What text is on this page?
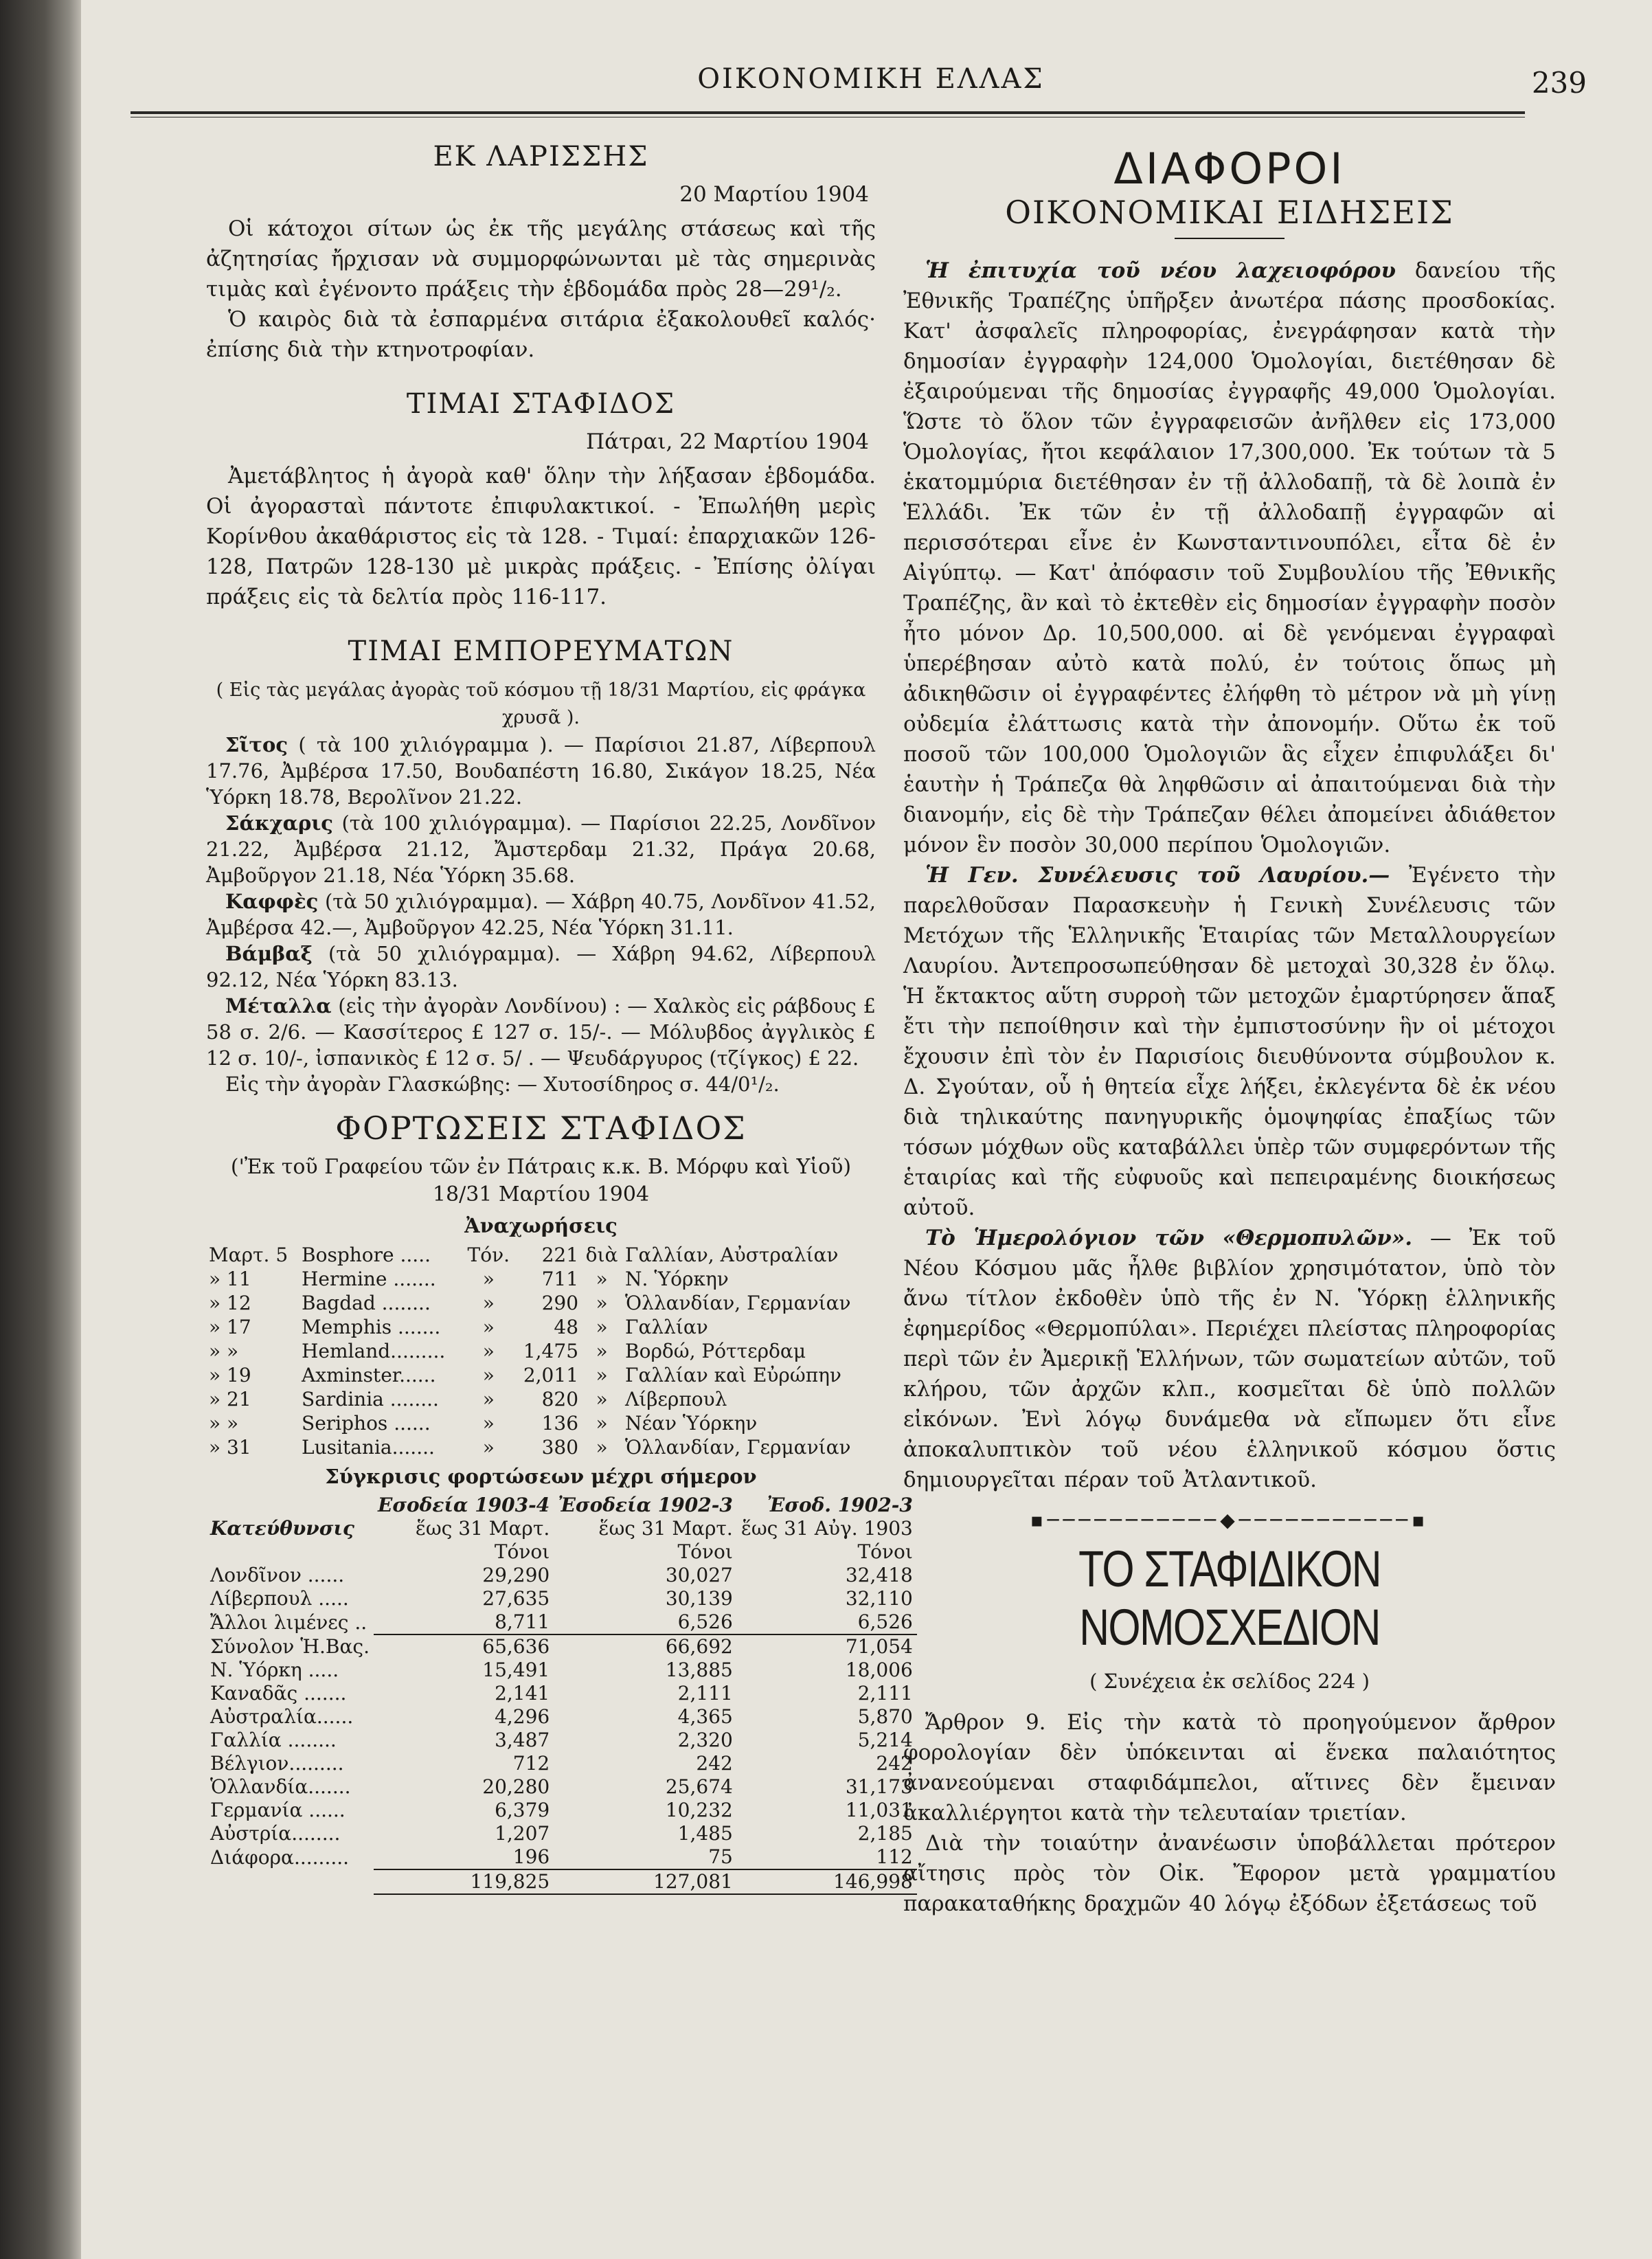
ΟΙΚΟΝΟΜΙΚΗ ΕΛΛΑΣ	239
ΕΚ ΛΑΡΙΣΣΗΣ
20 Μαρτίου 1904

Οἱ κάτοχοι σίτων ὡς ἐκ τῆς μεγάλης στάσεως καὶ τῆς ἀζητησίας ἤρχισαν νὰ συμμορφώνωνται μὲ τὰς σημερινὰς τιμὰς καὶ ἐγένοντο πράξεις τὴν ἑβδομάδα πρὸς 28—29¹/₂.

Ὁ καιρὸς διὰ τὰ ἐσπαρμένα σιτάρια ἐξακολουθεῖ καλός· ἐπίσης διὰ τὴν κτηνοτροφίαν.

ΤΙΜΑΙ ΣΤΑΦΙΔΟΣ
Πάτραι, 22 Μαρτίου 1904

Ἀμετάβλητος ἡ ἀγορὰ καθ' ὅλην τὴν λήξασαν ἑβδομάδα. Οἱ ἀγορασταὶ πάντοτε ἐπιφυλακτικοί. - Ἐπωλήθη μερὶς Κορίνθου ἀκαθάριστος εἰς τὰ 128. - Τιμαί: ἐπαρχιακῶν 126-128, Πατρῶν 128-130 μὲ μικρὰς πράξεις. - Ἐπίσης ὀλίγαι πράξεις εἰς τὰ δελτία πρὸς 116-117.

ΤΙΜΑΙ ΕΜΠΟΡΕΥΜΑΤΩΝ
( Εἰς τὰς μεγάλας ἀγορὰς τοῦ κόσμου τῇ 18/31 Μαρτίου, εἰς φράγκα χρυσᾶ ).

Σῖτος ( τὰ 100 χιλιόγραμμα ). — Παρίσιοι 21.87, Λίβερπουλ 17.76, Ἀμβέρσα 17.50, Βουδαπέστη 16.80, Σικάγον 18.25, Νέα Ὑόρκη 18.78, Βερολῖνον 21.22.

Σάκχαρις (τὰ 100 χιλιόγραμμα). — Παρίσιοι 22.25, Λονδῖνον 21.22, Ἀμβέρσα 21.12, Ἄμστερδαμ 21.32, Πράγα 20.68, Ἀμβοῦργον 21.18, Νέα Ὑόρκη 35.68.

Καφφὲς (τὰ 50 χιλιόγραμμα). — Χάβρη 40.75, Λονδῖνον 41.52, Ἀμβέρσα 42.—, Ἀμβοῦργον 42.25, Νέα Ὑόρκη 31.11.

Βάμβαξ (τὰ 50 χιλιόγραμμα). — Χάβρη 94.62, Λίβερπουλ 92.12, Νέα Ὑόρκη 83.13.

Μέταλλα (εἰς τὴν ἀγορὰν Λονδίνου) : — Χαλκὸς εἰς ράβδους £ 58 σ. 2/6. — Κασσίτερος £ 127 σ. 15/-. — Μόλυβδος ἀγγλικὸς £ 12 σ. 10/-, ἰσπανικὸς £ 12 σ. 5/ . — Ψευδάργυρος (τζίγκος) £ 22.

Εἰς τὴν ἀγορὰν Γλασκώβης: — Χυτοσίδηρος σ. 44/0¹/₂.

ΦΟΡΤΩΣΕΙΣ ΣΤΑΦΙΔΟΣ
('Ἐκ τοῦ Γραφείου τῶν ἐν Πάτραις κ.κ. Β. Μόρφυ καὶ Υἱοῦ)
18/31 Μαρτίου 1904
Ἀναχωρήσεις
Μαρτ. 5	Bosphore .....	Τόν.	221	διὰ	Γαλλίαν, Αὐστραλίαν
» 11	Hermine .......	»	711	»	Ν. Ὑόρκην
» 12	Bagdad ........	»	290	»	Ὁλλανδίαν, Γερμανίαν
» 17	Memphis .......	»	48	»	Γαλλίαν
» »	Hemland.........	»	1,475	»	Βορδώ, Ρόττερδαμ
» 19	Axminster......	»	2,011	»	Γαλλίαν καὶ Εὐρώπην
» 21	Sardinia ........	»	820	»	Λίβερπουλ
» »	Seriphos ......	»	136	»	Νέαν Ὑόρκην
» 31	Lusitania.......	»	380	»	Ὁλλανδίαν, Γερμανίαν
Σύγκρισις φορτώσεων μέχρι σήμερον
	Εσοδεία 1903-4	Ἐσοδεία 1902-3	Ἐσοδ. 1902-3
Κατεύθυνσις	ἕως 31 Μαρτ.	ἕως 31 Μαρτ.	ἕως 31 Αὐγ. 1903
	Τόνοι	Τόνοι	Τόνοι
Λονδῖνον ......	29,290	30,027	32,418
Λίβερπουλ .....	27,635	30,139	32,110
Ἄλλοι λιμένες ..	8,711	6,526	6,526
Σύνολον Ἡ.Βας.	65,636	66,692	71,054
Ν. Ὑόρκη .....	15,491	13,885	18,006
Καναδᾶς .......	2,141	2,111	2,111
Αὐστραλία......	4,296	4,365	5,870
Γαλλία ........	3,487	2,320	5,214
Βέλγιον.........	712	242	242
Ὁλλανδία.......	20,280	25,674	31,173
Γερμανία ......	6,379	10,232	11,031
Αὐστρία........	1,207	1,485	2,185
Διάφορα.........	196	75	112
	119,825	127,081	146,998
ΔΙΑΦΟΡΟΙ
ΟΙΚΟΝΟΜΙΚΑΙ ΕΙΔΗΣΕΙΣ

Ἡ ἐπιτυχία τοῦ νέου λαχειοφόρου δανείου τῆς Ἐθνικῆς Τραπέζης ὑπῆρξεν ἀνωτέρα πάσης προσδοκίας. Κατ' ἀσφαλεῖς πληροφορίας, ἐνεγράφησαν κατὰ τὴν δημοσίαν ἐγγραφὴν 124,000 Ὁμολογίαι, διετέθησαν δὲ ἐξαιρούμεναι τῆς δημοσίας ἐγγραφῆς 49,000 Ὁμολογίαι. Ὥστε τὸ ὅλον τῶν ἐγγραφεισῶν ἀνῆλθεν εἰς 173,000 Ὁμολογίας, ἤτοι κεφάλαιον 17,300,000. Ἐκ τούτων τὰ 5 ἑκατομμύρια διετέθησαν ἐν τῇ ἀλλοδαπῇ, τὰ δὲ λοιπὰ ἐν Ἑλλάδι. Ἐκ τῶν ἐν τῇ ἀλλοδαπῇ ἐγγραφῶν αἱ περισσότεραι εἶνε ἐν Κωνσταντινουπόλει, εἶτα δὲ ἐν Αἰγύπτῳ. — Κατ' ἀπόφασιν τοῦ Συμβουλίου τῆς Ἐθνικῆς Τραπέζης, ἂν καὶ τὸ ἐκτεθὲν εἰς δημοσίαν ἐγγραφὴν ποσὸν ἦτο μόνον Δρ. 10,500,000. αἱ δὲ γενόμεναι ἐγγραφαὶ ὑπερέβησαν αὐτὸ κατὰ πολύ, ἐν τούτοις ὅπως μὴ ἀδικηθῶσιν οἱ ἐγγραφέντες ἐλήφθη τὸ μέτρον νὰ μὴ γίνῃ οὐδεμία ἐλάττωσις κατὰ τὴν ἀπονομήν. Οὕτω ἐκ τοῦ ποσοῦ τῶν 100,000 Ὁμολογιῶν ἃς εἶχεν ἐπιφυλάξει δι' ἑαυτὴν ἡ Τράπεζα θὰ ληφθῶσιν αἱ ἀπαιτούμεναι διὰ τὴν διανομήν, εἰς δὲ τὴν Τράπεζαν θέλει ἀπομείνει ἀδιάθετον μόνον ἓν ποσὸν 30,000 περίπου Ὁμολογιῶν.

Ἡ Γεν. Συνέλευσις τοῦ Λαυρίου.— Ἐγένετο τὴν παρελθοῦσαν Παρασκευὴν ἡ Γενικὴ Συνέλευσις τῶν Μετόχων τῆς Ἑλληνικῆς Ἑταιρίας τῶν Μεταλλουργείων Λαυρίου. Ἀντεπροσωπεύθησαν δὲ μετοχαὶ 30,328 ἐν ὅλῳ. Ἡ ἔκτακτος αὕτη συρροὴ τῶν μετοχῶν ἐμαρτύρησεν ἅπαξ ἔτι τὴν πεποίθησιν καὶ τὴν ἐμπιστοσύνην ἣν οἱ μέτοχοι ἔχουσιν ἐπὶ τὸν ἐν Παρισίοις διευθύνοντα σύμβουλον κ. Δ. Σγούταν, οὗ ἡ θητεία εἶχε λήξει, ἐκλεγέντα δὲ ἐκ νέου διὰ τηλικαύτης πανηγυρικῆς ὁμοψηφίας ἐπαξίως τῶν τόσων μόχθων οὓς καταβάλλει ὑπὲρ τῶν συμφερόντων τῆς ἑταιρίας καὶ τῆς εὐφυοῦς καὶ πεπειραμένης διοικήσεως αὐτοῦ.

Τὸ Ἡμερολόγιον τῶν «Θερμοπυλῶν». — Ἐκ τοῦ Νέου Κόσμου μᾶς ἦλθε βιβλίον χρησιμότατον, ὑπὸ τὸν ἄνω τίτλον ἐκδοθὲν ὑπὸ τῆς ἐν Ν. Ὑόρκῃ ἑλληνικῆς ἐφημερίδος «Θερμοπύλαι». Περιέχει πλείστας πληροφορίας περὶ τῶν ἐν Ἀμερικῇ Ἑλλήνων, τῶν σωματείων αὐτῶν, τοῦ κλήρου, τῶν ἀρχῶν κλπ., κοσμεῖται δὲ ὑπὸ πολλῶν εἰκόνων. Ἐνὶ λόγῳ δυνάμεθα νὰ εἴπωμεν ὅτι εἶνε ἀποκαλυπτικὸν τοῦ νέου ἑλληνικοῦ κόσμου ὅστις δημιουργεῖται πέραν τοῦ Ἀτλαντικοῦ.

▪───────────◆───────────▪
ΤΟ ΣΤΑΦΙΔΙΚΟΝ ΝΟΜΟΣΧΕΔΙΟΝ
( Συνέχεια ἐκ σελίδος 224 )

Ἄρθρον 9. Εἰς τὴν κατὰ τὸ προηγούμενον ἄρθρον φορολογίαν δὲν ὑπόκεινται αἱ ἕνεκα παλαιότητος ἀνανεούμεναι σταφιδάμπελοι, αἵτινες δὲν ἔμειναν ἀκαλλιέργητοι κατὰ τὴν τελευταίαν τριετίαν.

Διὰ τὴν τοιαύτην ἀνανέωσιν ὑποβάλλεται πρότερον αἴτησις πρὸς τὸν Οἰκ. Ἔφορον μετὰ γραμματίου παρακαταθήκης δραχμῶν 40 λόγῳ ἐξόδων ἐξετάσεως τοῦ
